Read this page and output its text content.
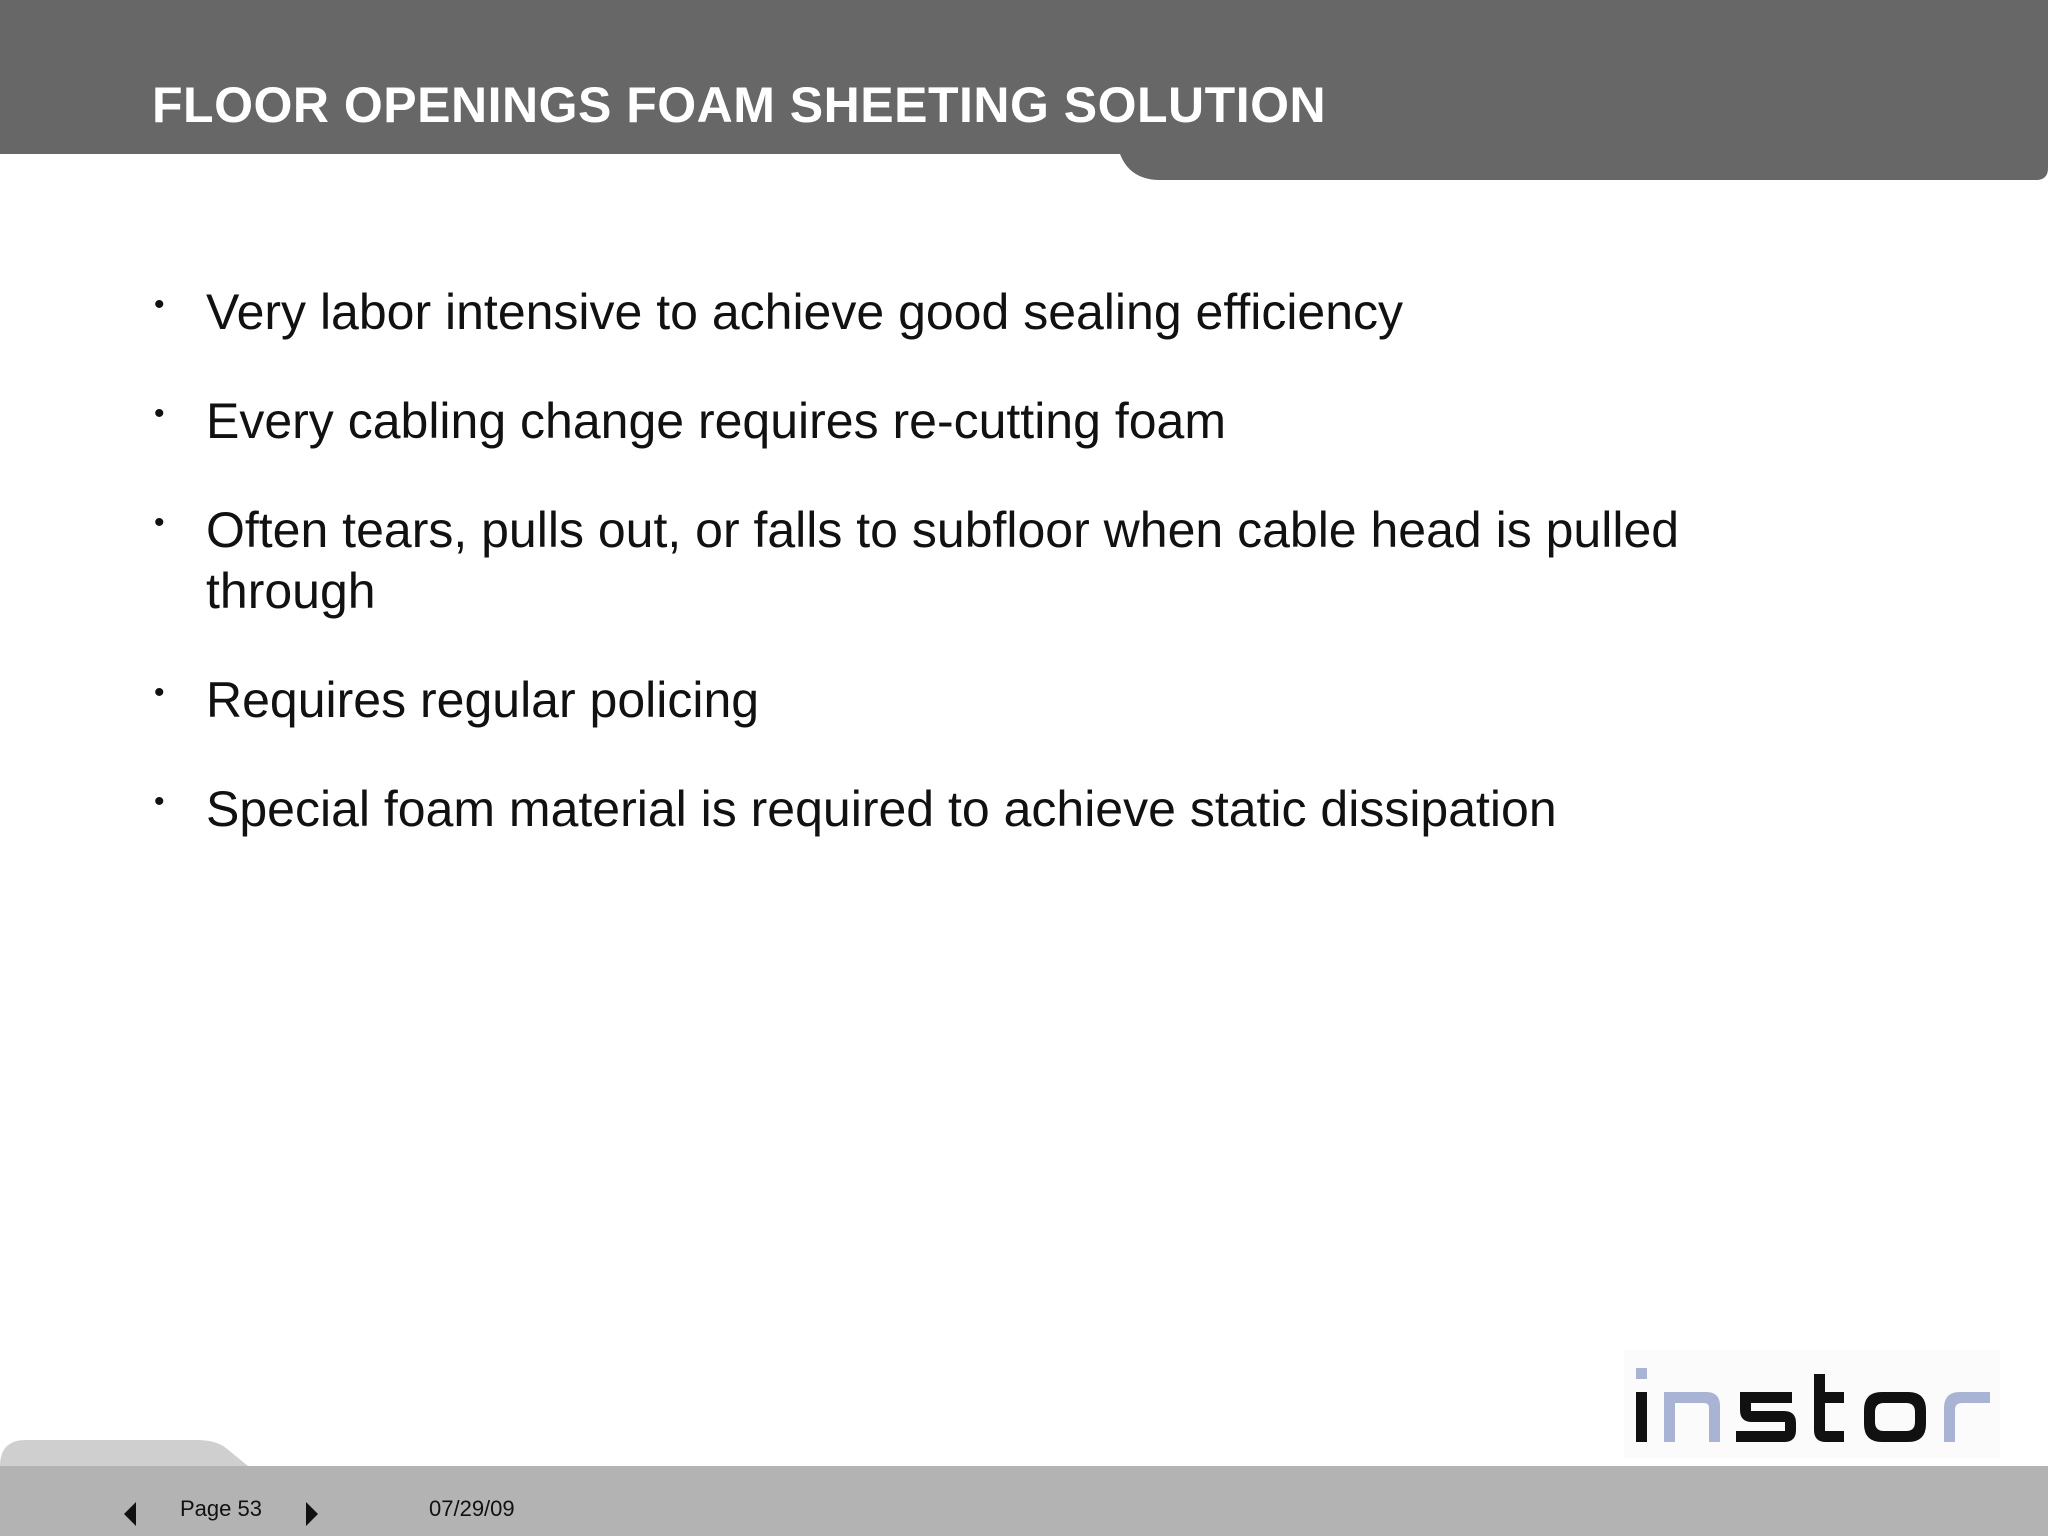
FLOOR OPENINGS FOAM SHEETING SOLUTION
• Very labor intensive to achieve good sealing efficiency
• Every cabling change requires re-cutting foam
• Often tears, pulls out, or falls to subfloor when cable head is pulled through
• Requires regular policing
• Special foam material is required to achieve static dissipation
Page 53	07/29/09
